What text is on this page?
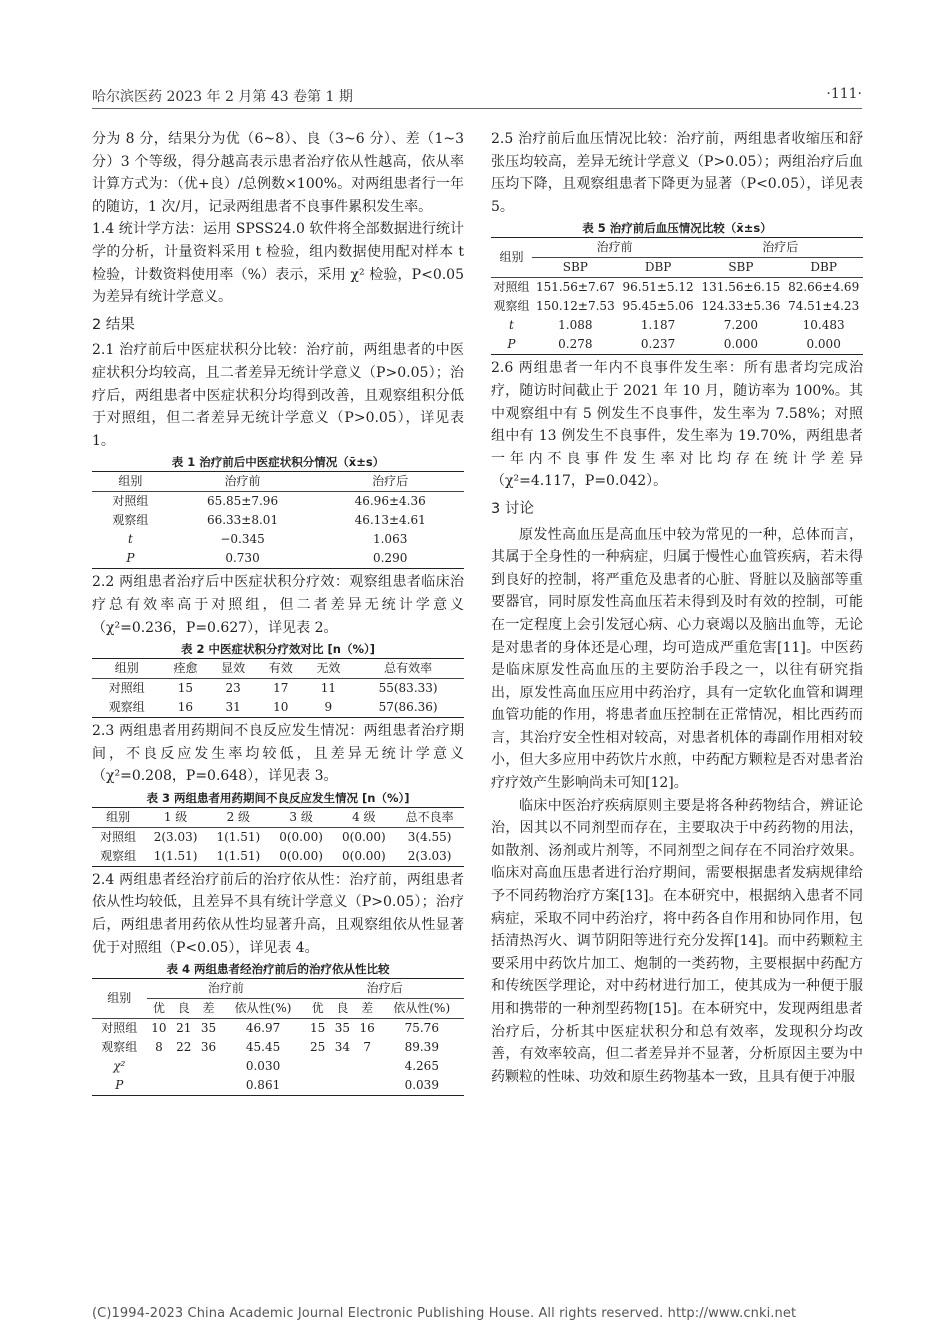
哈尔滨医药 2023 年 2 月第 43 卷第 1 期	·111·

分为 8 分，结果分为优（6~8）、良（3~6 分）、差（1~3 分）3 个等级，得分越高表示患者治疗依从性越高，依从率计算方式为：（优+良）/总例数×100%。对两组患者行一年的随访，1 次/月，记录两组患者不良事件累积发生率。

1.4 统计学方法：运用 SPSS24.0 软件将全部数据进行统计学的分析，计量资料采用 t 检验，组内数据使用配对样本 t 检验，计数资料使用率（%）表示，采用 χ² 检验，P<0.05 为差异有统计学意义。

2 结果

2.1 治疗前后中医症状积分比较：治疗前，两组患者的中医症状积分均较高，且二者差异无统计学意义（P>0.05）；治疗后，两组患者中医症状积分均得到改善，且观察组积分低于对照组，但二者差异无统计学意义（P>0.05），详见表 1。

表 1 治疗前后中医症状积分情况（x̄±s）
组别	治疗前	治疗后
对照组	65.85±7.96	46.96±4.36
观察组	66.33±8.01	46.13±4.61
t	−0.345	1.063
P	0.730	0.290

2.2 两组患者治疗后中医症状积分疗效：观察组患者临床治疗总有效率高于对照组，但二者差异无统计学意义（χ²=0.236，P=0.627），详见表 2。

表 2 中医症状积分疗效对比 [n（%）]
组别	痊愈	显效	有效	无效	总有效率
对照组	15	23	17	11	55(83.33)
观察组	16	31	10	9	57(86.36)

2.3 两组患者用药期间不良反应发生情况：两组患者治疗期间，不良反应发生率均较低，且差异无统计学意义（χ²=0.208，P=0.648），详见表 3。

表 3 两组患者用药期间不良反应发生情况 [n（%）]
组别	1 级	2 级	3 级	4 级	总不良率
对照组	2(3.03)	1(1.51)	0(0.00)	0(0.00)	3(4.55)
观察组	1(1.51)	1(1.51)	0(0.00)	0(0.00)	2(3.03)

2.4 两组患者经治疗前后的治疗依从性：治疗前，两组患者依从性均较低，且差异不具有统计学意义（P>0.05）；治疗后，两组患者用药依从性均显著升高，且观察组依从性显著优于对照组（P<0.05），详见表 4。

表 4 两组患者经治疗前后的治疗依从性比较
组别	治疗前				治疗后			
	优	良	差	依从性(%)	优	良	差	依从性(%)
对照组	10	21	35	46.97	15	35	16	75.76
观察组	8	22	36	45.45	25	34	7	89.39
χ²				0.030				4.265
P				0.861				0.039

2.5 治疗前后血压情况比较：治疗前，两组患者收缩压和舒张压均较高，差异无统计学意义（P>0.05）；两组治疗后血压均下降，且观察组患者下降更为显著（P<0.05），详见表 5。

表 5 治疗前后血压情况比较（x̄±s）
组别	治疗前		治疗后	
	SBP	DBP	SBP	DBP
对照组	151.56±7.67	96.51±5.12	131.56±6.15	82.66±4.69
观察组	150.12±7.53	95.45±5.06	124.33±5.36	74.51±4.23
t	1.088	1.187	7.200	10.483
P	0.278	0.237	0.000	0.000

2.6 两组患者一年内不良事件发生率：所有患者均完成治疗，随访时间截止于 2021 年 10 月，随访率为 100%。其中观察组中有 5 例发生不良事件，发生率为 7.58%；对照组中有 13 例发生不良事件，发生率为 19.70%，两组患者一年内不良事件发生率对比均存在统计学差异（χ²=4.117，P=0.042）。

3 讨论

原发性高血压是高血压中较为常见的一种，总体而言，其属于全身性的一种病症，归属于慢性心血管疾病，若未得到良好的控制，将严重危及患者的心脏、肾脏以及脑部等重要器官，同时原发性高血压若未得到及时有效的控制，可能在一定程度上会引发冠心病、心力衰竭以及脑出血等，无论是对患者的身体还是心理，均可造成严重危害[11]。中医药是临床原发性高血压的主要防治手段之一，以往有研究指出，原发性高血压应用中药治疗，具有一定软化血管和调理血管功能的作用，将患者血压控制在正常情况，相比西药而言，其治疗安全性相对较高，对患者机体的毒副作用相对较小，但大多应用中药饮片水煎，中药配方颗粒是否对患者治疗疗效产生影响尚未可知[12]。

临床中医治疗疾病原则主要是将各种药物结合，辨证论治，因其以不同剂型而存在，主要取决于中药药物的用法，如散剂、汤剂或片剂等，不同剂型之间存在不同治疗效果。临床对高血压患者进行治疗期间，需要根据患者发病规律给予不同药物治疗方案[13]。在本研究中，根据纳入患者不同病症，采取不同中药治疗，将中药各自作用和协同作用，包括清热泻火、调节阴阳等进行充分发挥[14]。而中药颗粒主要采用中药饮片加工、炮制的一类药物，主要根据中药配方和传统医学理论，对中药材进行加工，使其成为一种便于服用和携带的一种剂型药物[15]。在本研究中，发现两组患者治疗后，分析其中医症状积分和总有效率，发现积分均改善，有效率较高，但二者差异并不显著，分析原因主要为中药颗粒的性味、功效和原生药物基本一致，且具有便于冲服

(C)1994-2023 China Academic Journal Electronic Publishing House. All rights reserved. http://www.cnki.net
